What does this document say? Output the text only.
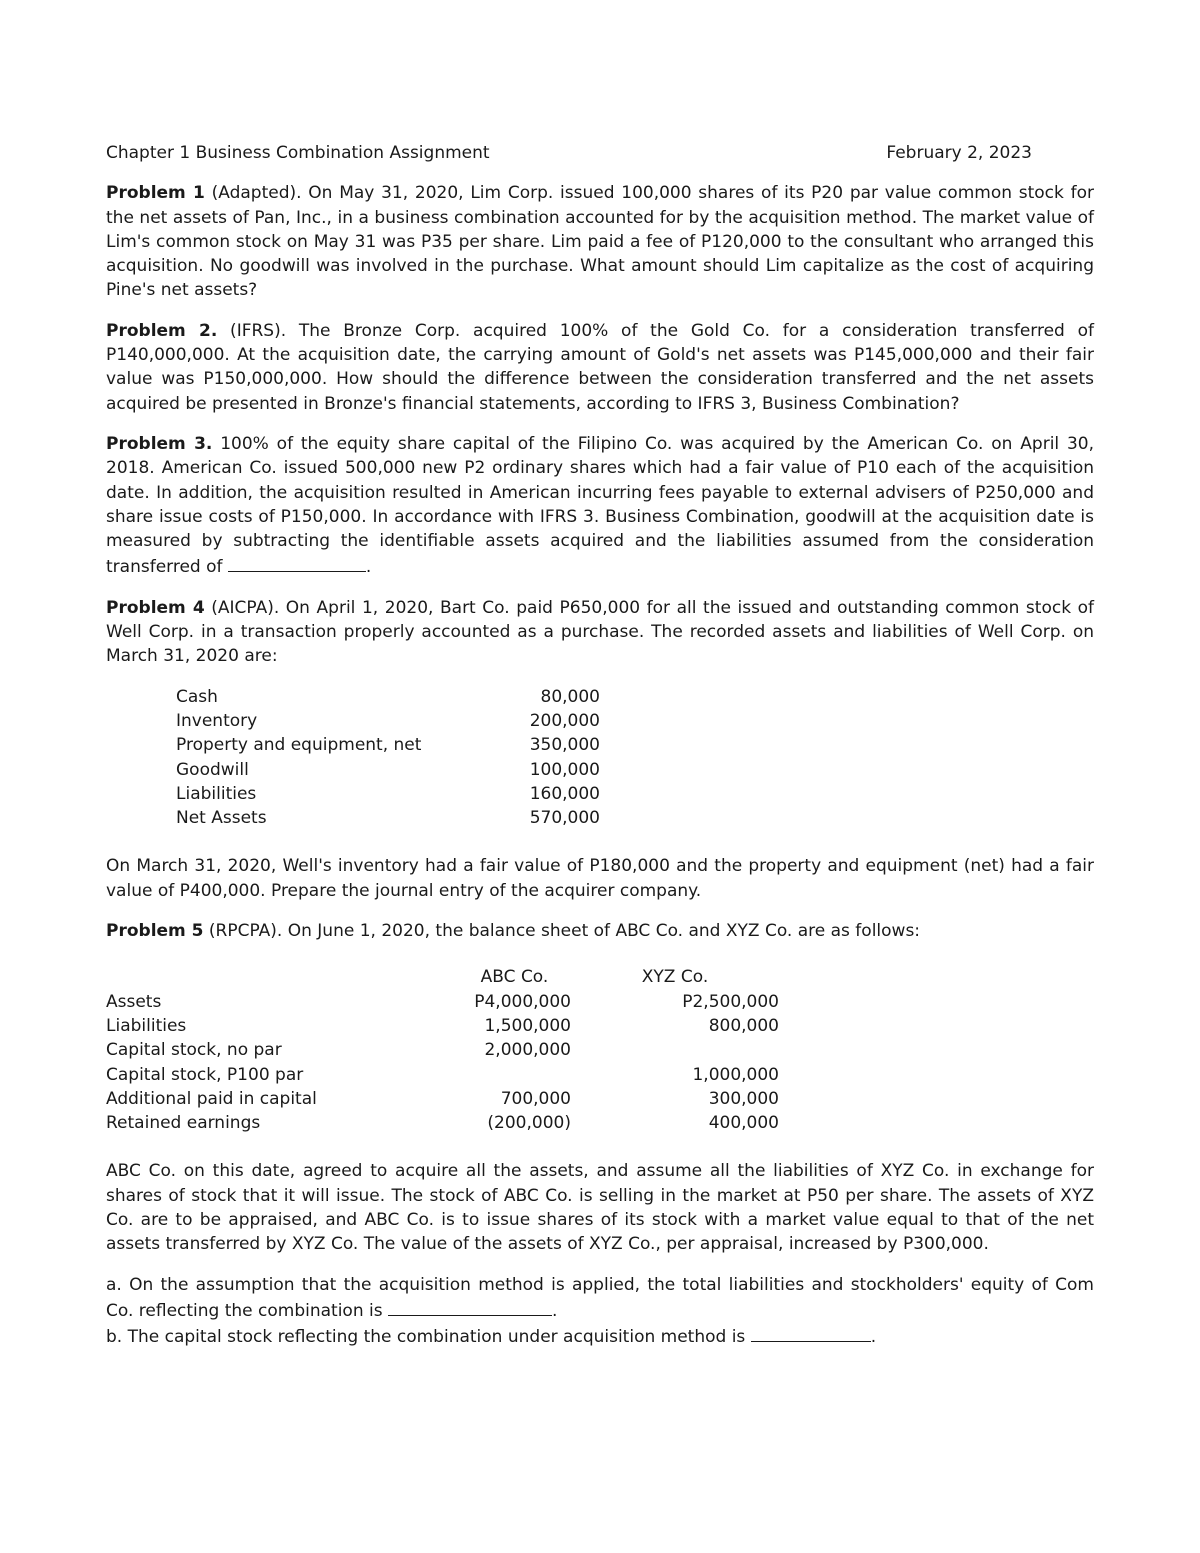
Chapter 1 Business Combination Assignment	February 2, 2023

Problem 1 (Adapted). On May 31, 2020, Lim Corp. issued 100,000 shares of its P20 par value common stock for the net assets of Pan, Inc., in a business combination accounted for by the acquisition method. The market value of Lim's common stock on May 31 was P35 per share. Lim paid a fee of P120,000 to the consultant who arranged this acquisition. No goodwill was involved in the purchase. What amount should Lim capitalize as the cost of acquiring Pine's net assets?

Problem 2. (IFRS). The Bronze Corp. acquired 100% of the Gold Co. for a consideration transferred of P140,000,000. At the acquisition date, the carrying amount of Gold's net assets was P145,000,000 and their fair value was P150,000,000. How should the difference between the consideration transferred and the net assets acquired be presented in Bronze's financial statements, according to IFRS 3, Business Combination?

Problem 3. 100% of the equity share capital of the Filipino Co. was acquired by the American Co. on April 30, 2018. American Co. issued 500,000 new P2 ordinary shares which had a fair value of P10 each of the acquisition date. In addition, the acquisition resulted in American incurring fees payable to external advisers of P250,000 and share issue costs of P150,000. In accordance with IFRS 3. Business Combination, goodwill at the acquisition date is measured by subtracting the identifiable assets acquired and the liabilities assumed from the consideration transferred of	.

Problem 4 (AICPA). On April 1, 2020, Bart Co. paid P650,000 for all the issued and outstanding common stock of Well Corp. in a transaction properly accounted as a purchase. The recorded assets and liabilities of Well Corp. on March 31, 2020 are:

Cash	80,000
Inventory	200,000
Property and equipment, net	350,000
Goodwill	100,000
Liabilities	160,000
Net Assets	570,000

On March 31, 2020, Well's inventory had a fair value of P180,000 and the property and equipment (net) had a fair value of P400,000. Prepare the journal entry of the acquirer company.

Problem 5 (RPCPA). On June 1, 2020, the balance sheet of ABC Co. and XYZ Co. are as follows:

	ABC Co.	XYZ Co.
Assets	P4,000,000	P2,500,000
Liabilities	1,500,000	800,000
Capital stock, no par	2,000,000	
Capital stock, P100 par		1,000,000
Additional paid in capital	700,000	300,000
Retained earnings	(200,000)	400,000

ABC Co. on this date, agreed to acquire all the assets, and assume all the liabilities of XYZ Co. in exchange for shares of stock that it will issue. The stock of ABC Co. is selling in the market at P50 per share. The assets of XYZ Co. are to be appraised, and ABC Co. is to issue shares of its stock with a market value equal to that of the net assets transferred by XYZ Co. The value of the assets of XYZ Co., per appraisal, increased by P300,000.

a. On the assumption that the acquisition method is applied, the total liabilities and stockholders' equity of Com Co. reflecting the combination is	.

b. The capital stock reflecting the combination under acquisition method is	.
